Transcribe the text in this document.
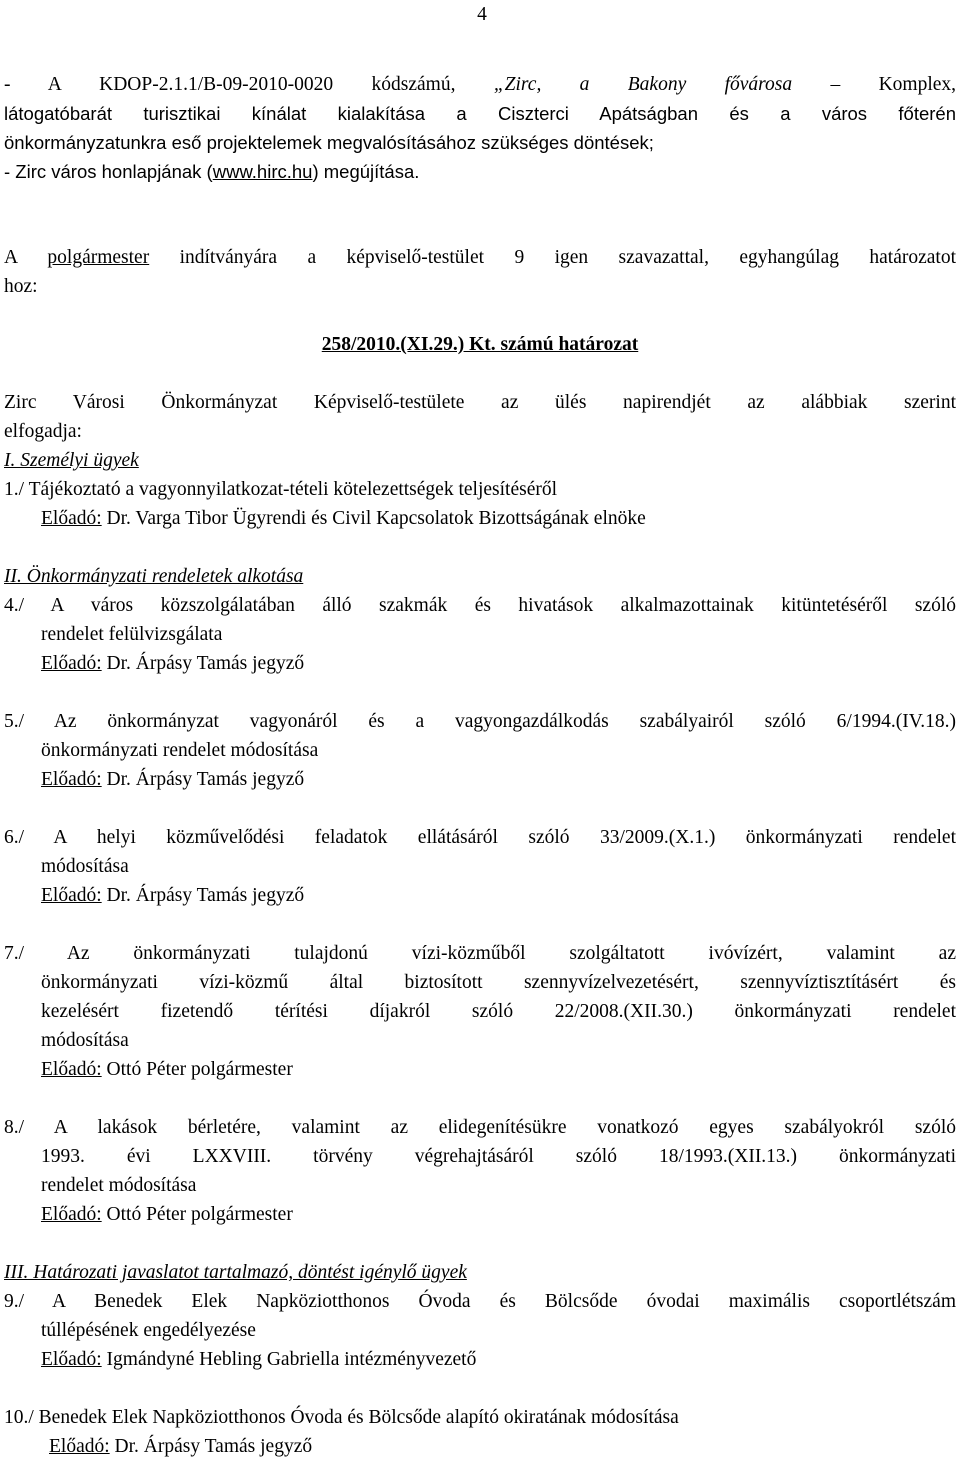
4
- A KDOP-2.1.1/B-09-2010-0020 kódszámú, „Zirc, a Bakony fővárosa – Komplex,
látogatóbarát turisztikai kínálat kialakítása a Ciszterci Apátságban és a város főterén
önkormányzatunkra eső projektelemek megvalósításához szükséges döntések;
- Zirc város honlapjának (www.hirc.hu) megújítása.
A polgármester indítványára a képviselő-testület 9 igen szavazattal, egyhangúlag határozatot
hoz:
258/2010.(XI.29.) Kt. számú határozat
Zirc Városi Önkormányzat Képviselő-testülete az ülés napirendjét az alábbiak szerint
elfogadja:
I. Személyi ügyek
1./ Tájékoztató a vagyonnyilatkozat-tételi kötelezettségek teljesítéséről
Előadó: Dr. Varga Tibor Ügyrendi és Civil Kapcsolatok Bizottságának elnöke
II. Önkormányzati rendeletek alkotása
4./ A város közszolgálatában álló szakmák és hivatások alkalmazottainak kitüntetéséről szóló
rendelet felülvizsgálata
Előadó: Dr. Árpásy Tamás jegyző
5./ Az önkormányzat vagyonáról és a vagyongazdálkodás szabályairól szóló 6/1994.(IV.18.)
önkormányzati rendelet módosítása
Előadó: Dr. Árpásy Tamás jegyző
6./ A helyi közművelődési feladatok ellátásáról szóló 33/2009.(X.1.) önkormányzati rendelet
módosítása
Előadó: Dr. Árpásy Tamás jegyző
7./ Az önkormányzati tulajdonú vízi-közműből szolgáltatott ivóvízért, valamint az
önkormányzati vízi-közmű által biztosított szennyvízelvezetésért, szennyvíztisztításért és
kezelésért fizetendő térítési díjakról szóló 22/2008.(XII.30.) önkormányzati rendelet
módosítása
Előadó: Ottó Péter polgármester
8./ A lakások bérletére, valamint az elidegenítésükre vonatkozó egyes szabályokról szóló
1993. évi LXXVIII. törvény végrehajtásáról szóló 18/1993.(XII.13.) önkormányzati
rendelet módosítása
Előadó: Ottó Péter polgármester
III. Határozati javaslatot tartalmazó, döntést igénylő ügyek
9./ A Benedek Elek Napköziotthonos Óvoda és Bölcsőde óvodai maximális csoportlétszám
túllépésének engedélyezése
Előadó: Igmándyné Hebling Gabriella intézményvezető
10./ Benedek Elek Napköziotthonos Óvoda és Bölcsőde alapító okiratának módosítása
Előadó: Dr. Árpásy Tamás jegyző
